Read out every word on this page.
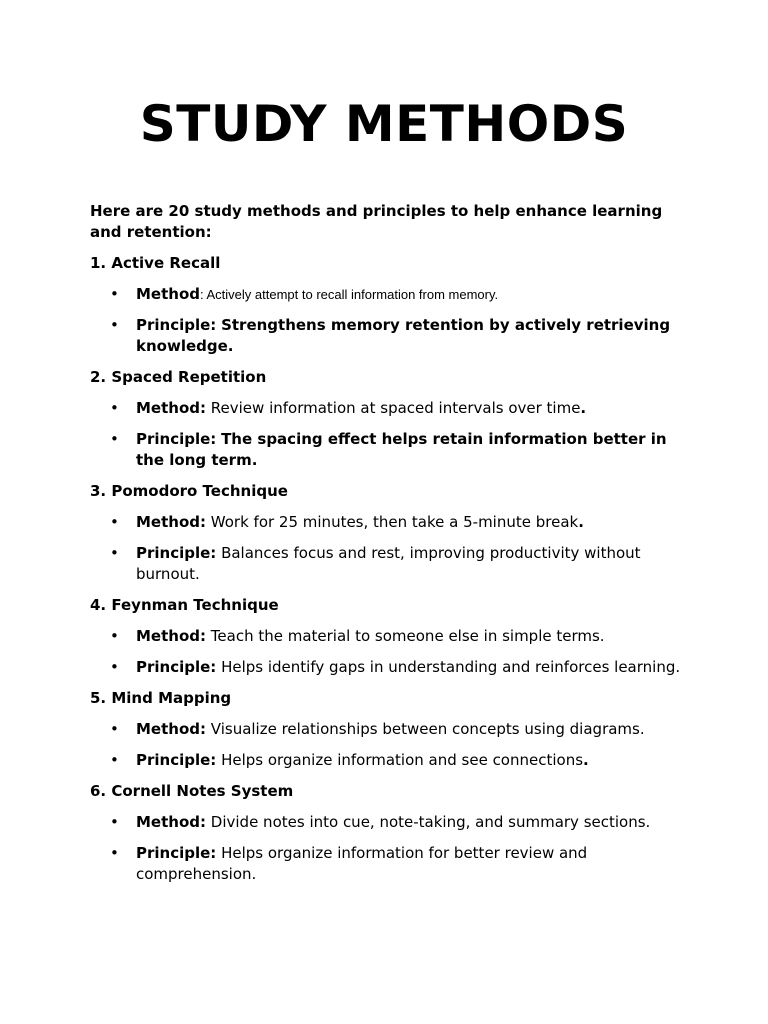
STUDY METHODS

Here are 20 study methods and principles to help enhance learning and retention:

1. Active Recall

• Method: Actively attempt to recall information from memory.
• Principle: Strengthens memory retention by actively retrieving knowledge.

2. Spaced Repetition

• Method: Review information at spaced intervals over time.
• Principle: The spacing effect helps retain information better in the long term.

3. Pomodoro Technique

• Method: Work for 25 minutes, then take a 5-minute break.
• Principle: Balances focus and rest, improving productivity without burnout.

4. Feynman Technique

• Method: Teach the material to someone else in simple terms.
• Principle: Helps identify gaps in understanding and reinforces learning.

5. Mind Mapping

• Method: Visualize relationships between concepts using diagrams.
• Principle: Helps organize information and see connections.

6. Cornell Notes System

• Method: Divide notes into cue, note-taking, and summary sections.
• Principle: Helps organize information for better review and comprehension.
